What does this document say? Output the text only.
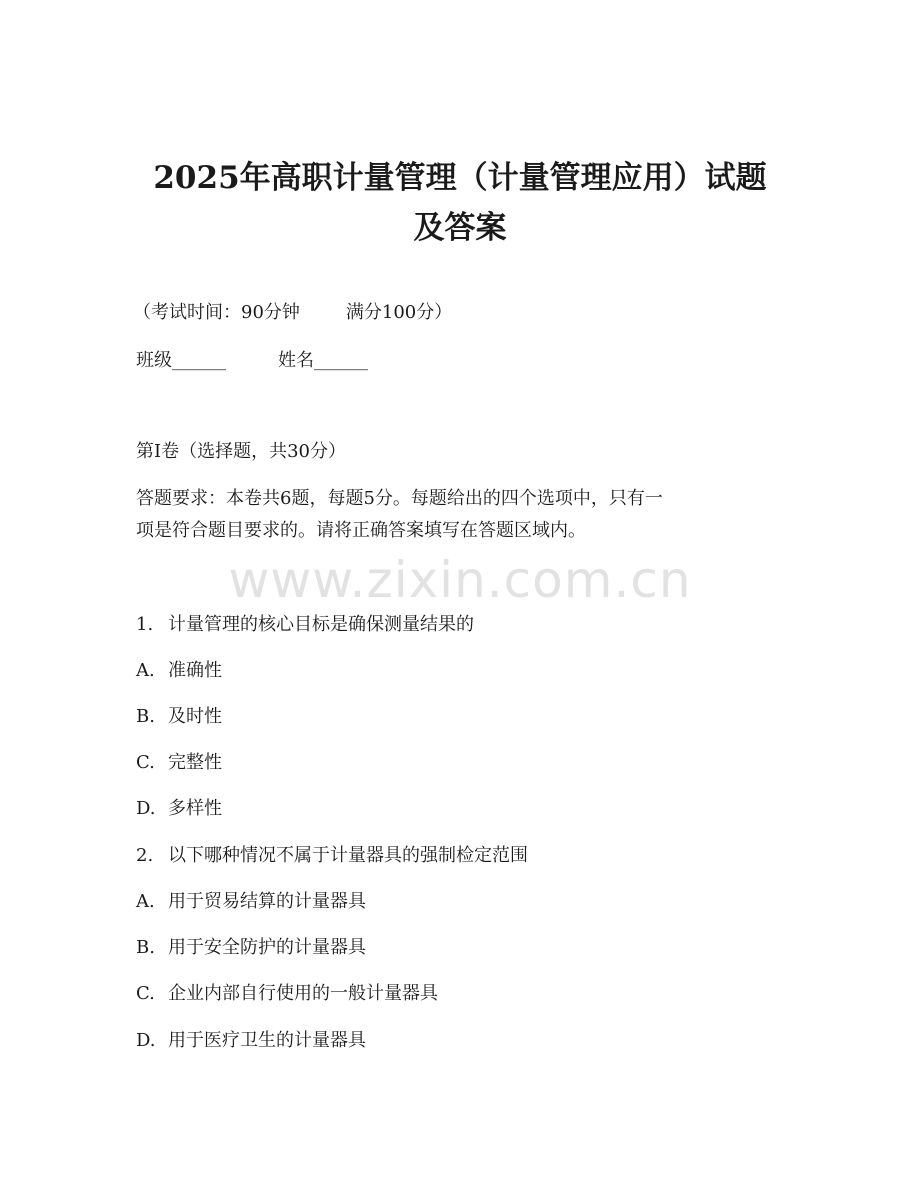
2025年高职计量管理（计量管理应用）试题
及答案
（考试时间：90分钟	满分100分）
班级______	姓名______
第I卷（选择题，共30分）
答题要求：本卷共6题，每题5分。每题给出的四个选项中，只有一
项是符合题目要求的。请将正确答案填写在答题区域内。
www.zixin.com.cn
1. 计量管理的核心目标是确保测量结果的
A. 准确性
B. 及时性
C. 完整性
D. 多样性
2. 以下哪种情况不属于计量器具的强制检定范围
A. 用于贸易结算的计量器具
B. 用于安全防护的计量器具
C. 企业内部自行使用的一般计量器具
D. 用于医疗卫生的计量器具
